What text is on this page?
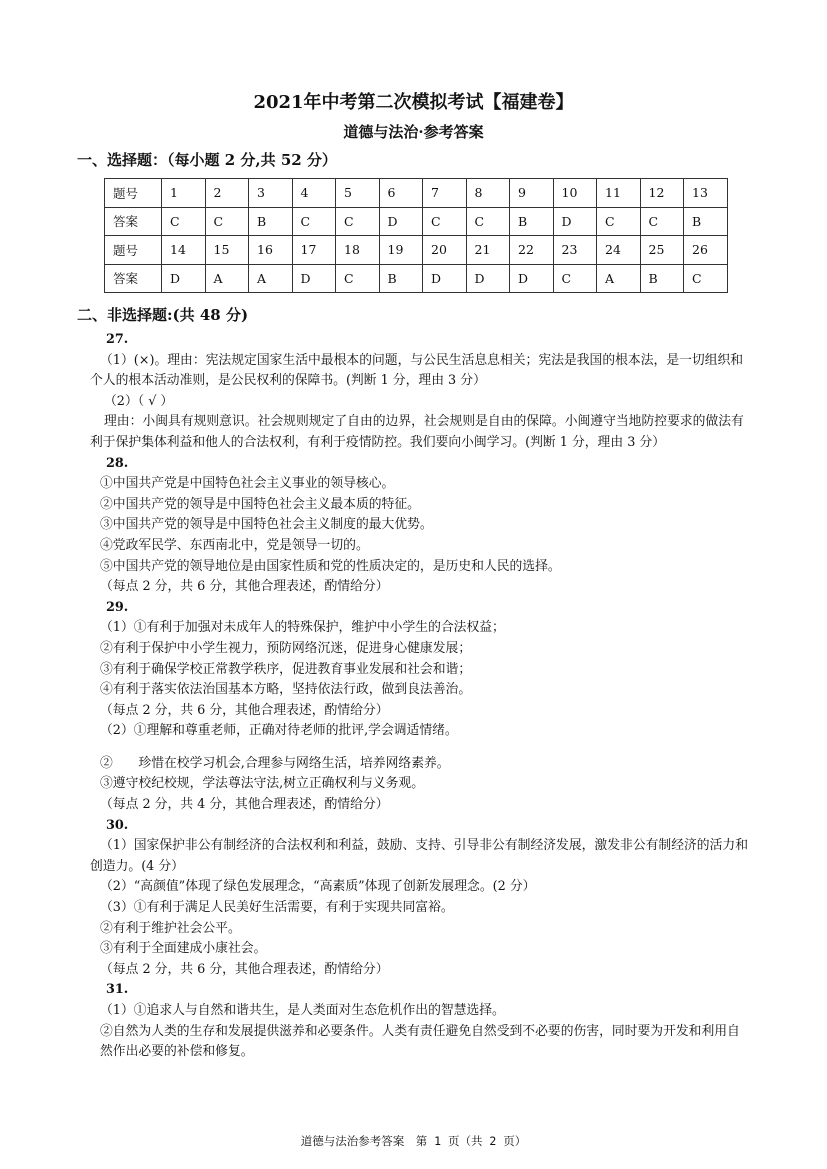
2021年中考第二次模拟考试【福建卷】
道德与法治·参考答案
一、选择题：（每小题 2 分,共 52 分）
题号	1	2	3	4	5	6	7	8	9	10	11	12	13
答案	C	C	B	C	C	D	C	C	B	D	C	C	B
题号	14	15	16	17	18	19	20	21	22	23	24	25	26
答案	D	A	A	D	C	B	D	D	D	C	A	B	C
二、非选择题:(共 48 分)

27.

（1）(×)。理由：宪法规定国家生活中最根本的问题，与公民生活息息相关；宪法是我国的根本法，是一切组织和个人的根本活动准则，是公民权利的保障书。(判断 1 分，理由 3 分）

（2）（ √ ）

理由：小闽具有规则意识。社会规则规定了自由的边界，社会规则是自由的保障。小闽遵守当地防控要求的做法有利于保护集体利益和他人的合法权利，有利于疫情防控。我们要向小闽学习。(判断 1 分，理由 3 分）

28.

①中国共产党是中国特色社会主义事业的领导核心。

②中国共产党的领导是中国特色社会主义最本质的特征。

③中国共产党的领导是中国特色社会主义制度的最大优势。

④党政军民学、东西南北中，党是领导一切的。

⑤中国共产党的领导地位是由国家性质和党的性质决定的，是历史和人民的选择。

（每点 2 分，共 6 分，其他合理表述，酌情给分）

29.

（1）①有利于加强对未成年人的特殊保护，维护中小学生的合法权益；

②有利于保护中小学生视力，预防网络沉迷，促进身心健康发展；

③有利于确保学校正常教学秩序，促进教育事业发展和社会和谐；

④有利于落实依法治国基本方略，坚持依法行政，做到良法善治。

（每点 2 分，共 6 分，其他合理表述，酌情给分）

（2）①理解和尊重老师，正确对待老师的批评,学会调适情绪。

②　　珍惜在校学习机会,合理参与网络生活，培养网络素养。

③遵守校纪校规，学法尊法守法,树立正确权利与义务观。

（每点 2 分，共 4 分，其他合理表述，酌情给分）

30.

（1）国家保护非公有制经济的合法权利和利益，鼓励、支持、引导非公有制经济发展，激发非公有制经济的活力和创造力。(4 分）

（2）“高颜值”体现了绿色发展理念，“高素质”体现了创新发展理念。(2 分）

（3）①有利于满足人民美好生活需要，有利于实现共同富裕。

②有利于维护社会公平。

③有利于全面建成小康社会。

（每点 2 分，共 6 分，其他合理表述，酌情给分）

31.

（1）①追求人与自然和谐共生，是人类面对生态危机作出的智慧选择。

②自然为人类的生存和发展提供滋养和必要条件。人类有责任避免自然受到不必要的伤害，同时要为开发和利用自然作出必要的补偿和修复。

道德与法治参考答案　第 1 页（共 2 页）
